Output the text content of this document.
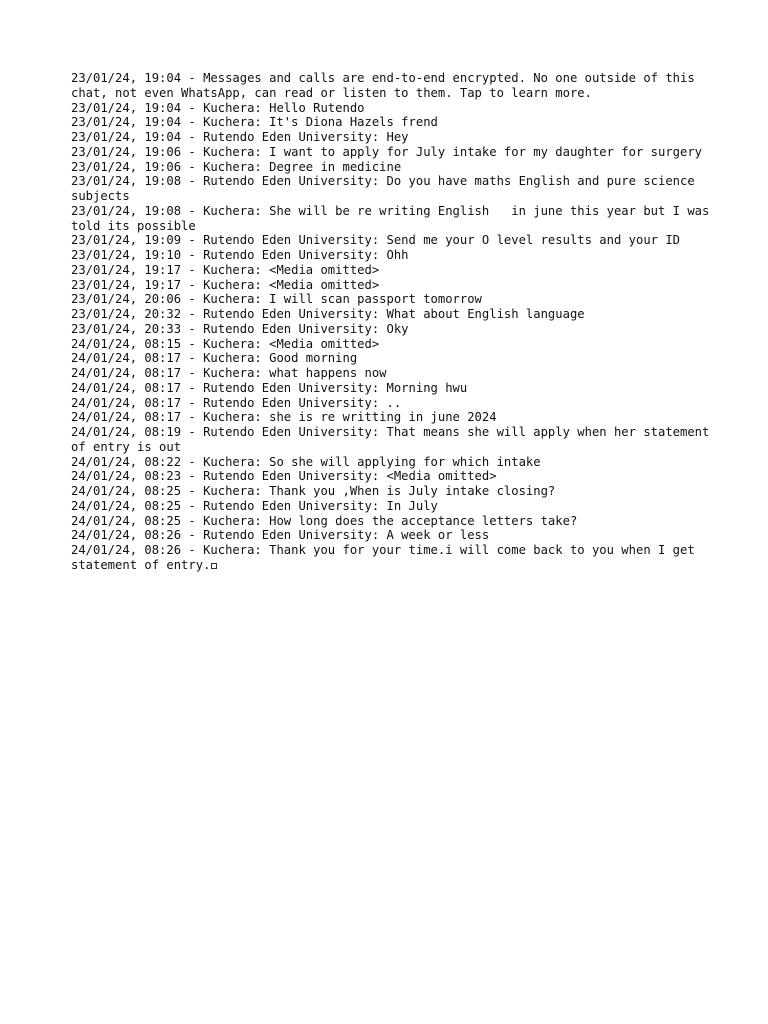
23/01/24, 19:04 - Messages and calls are end-to-end encrypted. No one outside of this chat, not even WhatsApp, can read or listen to them. Tap to learn more.
23/01/24, 19:04 - Kuchera: Hello Rutendo
23/01/24, 19:04 - Kuchera: It's Diona Hazels frend
23/01/24, 19:04 - Rutendo Eden University: Hey
23/01/24, 19:06 - Kuchera: I want to apply for July intake for my daughter for surgery
23/01/24, 19:06 - Kuchera: Degree in medicine
23/01/24, 19:08 - Rutendo Eden University: Do you have maths English and pure science subjects
23/01/24, 19:08 - Kuchera: She will be re writing English   in june this year but I was told its possible
23/01/24, 19:09 - Rutendo Eden University: Send me your O level results and your ID
23/01/24, 19:10 - Rutendo Eden University: Ohh
23/01/24, 19:17 - Kuchera: <Media omitted>
23/01/24, 19:17 - Kuchera: <Media omitted>
23/01/24, 20:06 - Kuchera: I will scan passport tomorrow
23/01/24, 20:32 - Rutendo Eden University: What about English language
23/01/24, 20:33 - Rutendo Eden University: Oky
24/01/24, 08:15 - Kuchera: <Media omitted>
24/01/24, 08:17 - Kuchera: Good morning
24/01/24, 08:17 - Kuchera: what happens now
24/01/24, 08:17 - Rutendo Eden University: Morning hwu
24/01/24, 08:17 - Rutendo Eden University: ..
24/01/24, 08:17 - Kuchera: she is re writting in june 2024
24/01/24, 08:19 - Rutendo Eden University: That means she will apply when her statement of entry is out
24/01/24, 08:22 - Kuchera: So she will applying for which intake
24/01/24, 08:23 - Rutendo Eden University: <Media omitted>
24/01/24, 08:25 - Kuchera: Thank you ,When is July intake closing?
24/01/24, 08:25 - Rutendo Eden University: In July
24/01/24, 08:25 - Kuchera: How long does the acceptance letters take?
24/01/24, 08:26 - Rutendo Eden University: A week or less
24/01/24, 08:26 - Kuchera: Thank you for your time.i will come back to you when I get statement of entry.
